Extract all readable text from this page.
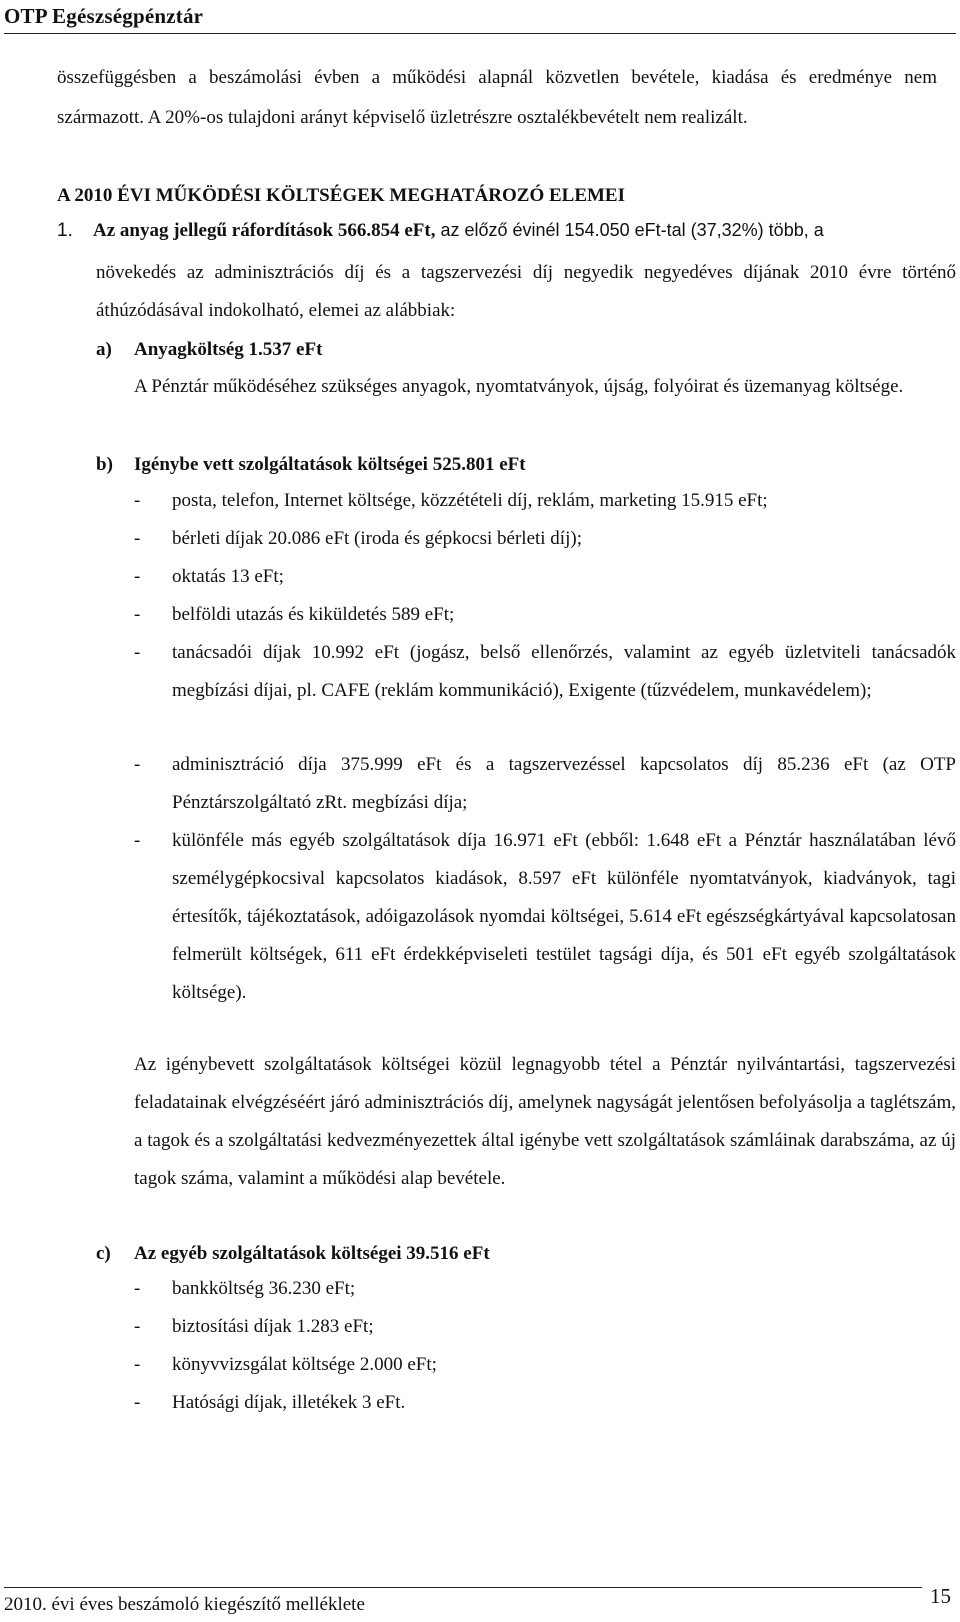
OTP Egészségpénztár

összefüggésben a beszámolási évben a működési alapnál közvetlen bevétele, kiadása és eredménye nem származott. A 20%-os tulajdoni arányt képviselő üzletrészre osztalékbevételt nem realizált.

A 2010 ÉVI MŰKÖDÉSI KÖLTSÉGEK MEGHATÁROZÓ ELEMEI
1. Az anyag jellegű ráfordítások 566.854 eFt, az előző évinél 154.050 eFt-tal (37,32%) több, a

növekedés az adminisztrációs díj és a tagszervezési díj negyedik negyedéves díjának 2010 évre történő áthúzódásával indokolható, elemei az alábbiak:

a) Anyagköltség 1.537 eFt

A Pénztár működéséhez szükséges anyagok, nyomtatványok, újság, folyóirat és üzemanyag költsége.

b) Igénybe vett szolgáltatások költségei 525.801 eFt
- posta, telefon, Internet költsége, közzétételi díj, reklám, marketing 15.915 eFt;
- bérleti díjak 20.086 eFt (iroda és gépkocsi bérleti díj);
- oktatás 13 eFt;
- belföldi utazás és kiküldetés 589 eFt;
- tanácsadói díjak 10.992 eFt (jogász, belső ellenőrzés, valamint az egyéb üzletviteli tanácsadók megbízási díjai, pl. CAFE (reklám kommunikáció), Exigente (tűzvédelem, munkavédelem);
- adminisztráció díja 375.999 eFt és a tagszervezéssel kapcsolatos díj 85.236 eFt (az OTP Pénztárszolgáltató zRt. megbízási díja;
- különféle más egyéb szolgáltatások díja 16.971 eFt (ebből: 1.648 eFt a Pénztár használatában lévő személygépkocsival kapcsolatos kiadások, 8.597 eFt különféle nyomtatványok, kiadványok, tagi értesítők, tájékoztatások, adóigazolások nyomdai költségei, 5.614 eFt egészségkártyával kapcsolatosan felmerült költségek, 611 eFt érdekképviseleti testület tagsági díja, és 501 eFt egyéb szolgáltatások költsége).

Az igénybevett szolgáltatások költségei közül legnagyobb tétel a Pénztár nyilvántartási, tagszervezési feladatainak elvégzéséért járó adminisztrációs díj, amelynek nagyságát jelentősen befolyásolja a taglétszám, a tagok és a szolgáltatási kedvezményezettek által igénybe vett szolgáltatások számláinak darabszáma, az új tagok száma, valamint a működési alap bevétele.

c) Az egyéb szolgáltatások költségei 39.516 eFt
- bankköltség 36.230 eFt;
- biztosítási díjak 1.283 eFt;
- könyvvizsgálat költsége 2.000 eFt;
- Hatósági díjak, illetékek 3 eFt.
2010. évi éves beszámoló kiegészítő melléklete	15
